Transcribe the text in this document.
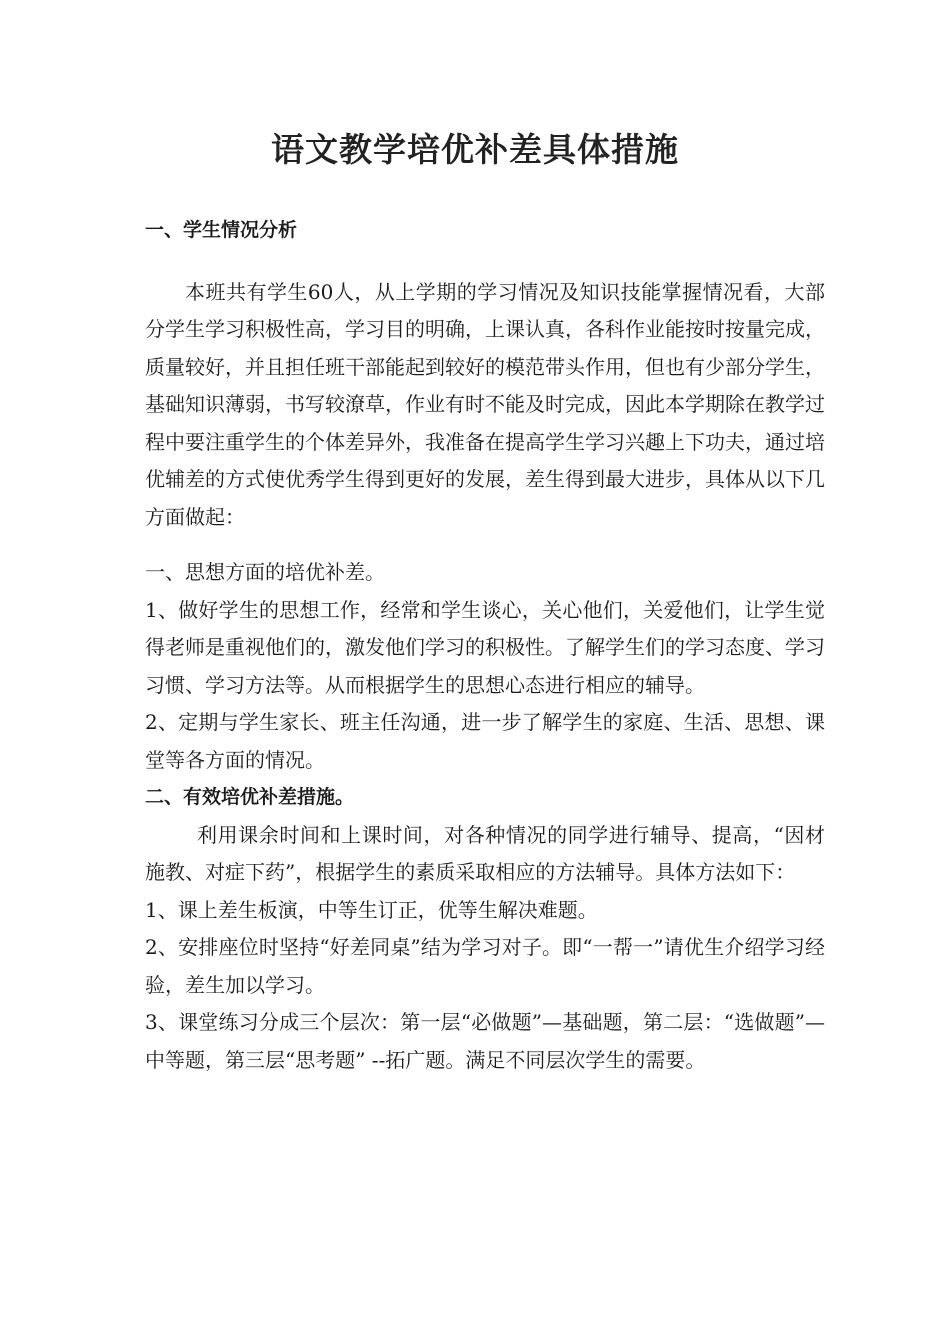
语文教学培优补差具体措施

一、学生情况分析

本班共有学生60人，从上学期的学习情况及知识技能掌握情况看，大部分学生学习积极性高，学习目的明确，上课认真，各科作业能按时按量完成，质量较好，并且担任班干部能起到较好的模范带头作用，但也有少部分学生，基础知识薄弱，书写较潦草，作业有时不能及时完成，因此本学期除在教学过程中要注重学生的个体差异外，我准备在提高学生学习兴趣上下功夫，通过培优辅差的方式使优秀学生得到更好的发展，差生得到最大进步，具体从以下几方面做起：

一、思想方面的培优补差。

1、做好学生的思想工作，经常和学生谈心，关心他们，关爱他们，让学生觉得老师是重视他们的，激发他们学习的积极性。了解学生们的学习态度、学习习惯、学习方法等。从而根据学生的思想心态进行相应的辅导。

2、定期与学生家长、班主任沟通，进一步了解学生的家庭、生活、思想、课堂等各方面的情况。

二、有效培优补差措施。

利用课余时间和上课时间，对各种情况的同学进行辅导、提高，“因材施教、对症下药”，根据学生的素质采取相应的方法辅导。具体方法如下：

1、课上差生板演，中等生订正，优等生解决难题。

2、安排座位时坚持“好差同桌”结为学习对子。即“一帮一”请优生介绍学习经验，差生加以学习。

3、课堂练习分成三个层次：第一层“必做题”—基础题，第二层：“选做题”—中等题，第三层“思考题” --拓广题。满足不同层次学生的需要。
